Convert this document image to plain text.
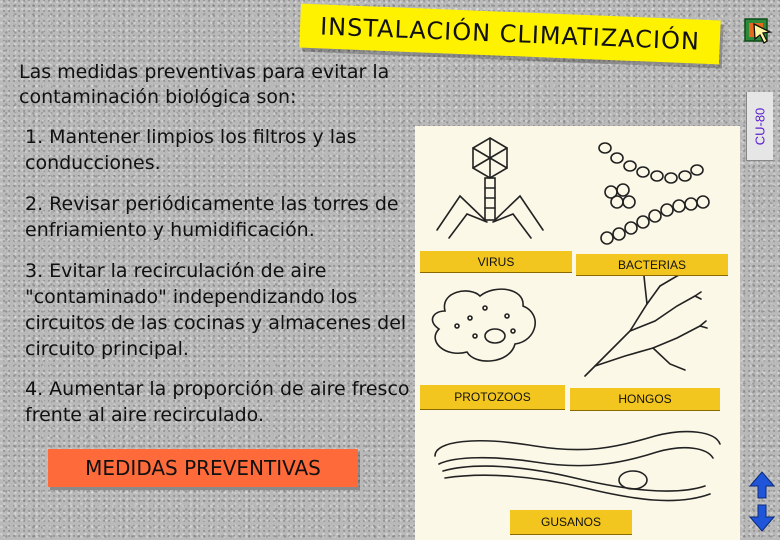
INSTALACIÓN CLIMATIZACIÓN
Las medidas preventivas para evitar la contaminación biológica son:
1. Mantener limpios los filtros y las conducciones.
2. Revisar periódicamente las torres de enfriamiento y humidificación.
3. Evitar la recirculación de aire "contaminado" independizando los circuitos de las cocinas y almacenes del circuito principal.
4. Aumentar la proporción de aire fresco frente al aire recirculado.
MEDIDAS PREVENTIVAS
VIRUS	BACTERIAS
PROTOZOOS	HONGOS
GUSANOS
CU-80
